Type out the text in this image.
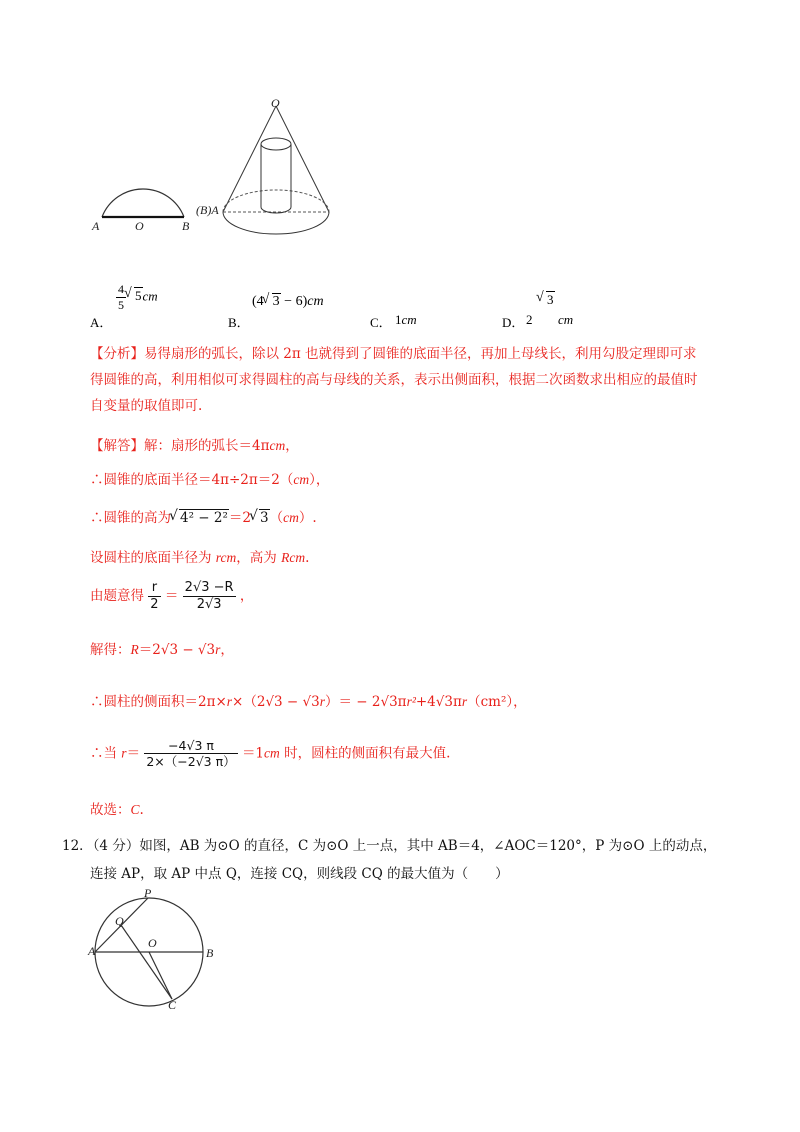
A	O	B
(B)A
O
A．
$\frac{4}{5}$ √ 5cm
B．
(4 √ 3 − 6)cm
C． 1cm	D． 2
√ 3
cm
【分析】易得扇形的弧长，除以 2π 也就得到了圆锥的底面半径，再加上母线长，利用勾股定理即可求
得圆锥的高，利用相似可求得圆柱的高与母线的关系，表示出侧面积，根据二次函数求出相应的最值时
自变量的取值即可.
【解答】解：扇形的弧长＝4πcm，
∴圆锥的底面半径＝4π÷2π＝2（cm），
∴圆锥的高为 √ 4² − 2²＝2 √ 3（cm）.
设圆柱的底面半径为 rcm，高为 Rcm.
由题意得 $\frac{r}{2} = \frac{2√3 -R}{2√3}$ ，
解得：R＝2√3 − √3r，
∴圆柱的侧面积＝2π×r×（2√3 − √3r）＝ − 2√3πr²+4√3πr（cm²），
∴当 $r= \frac{-4√3 \pi}{2\times(-2√3 \pi)} =1cm$ 时，圆柱的侧面积有最大值.
故选：C.
12．（4 分）如图，AB 为⊙O 的直径，C 为⊙O 上一点，其中 AB＝4，∠AOC＝120°，P 为⊙O 上的动点，
连接 AP，取 AP 中点 Q，连接 CQ，则线段 CQ 的最大值为（　　）
P
Q
O
A	B
C
